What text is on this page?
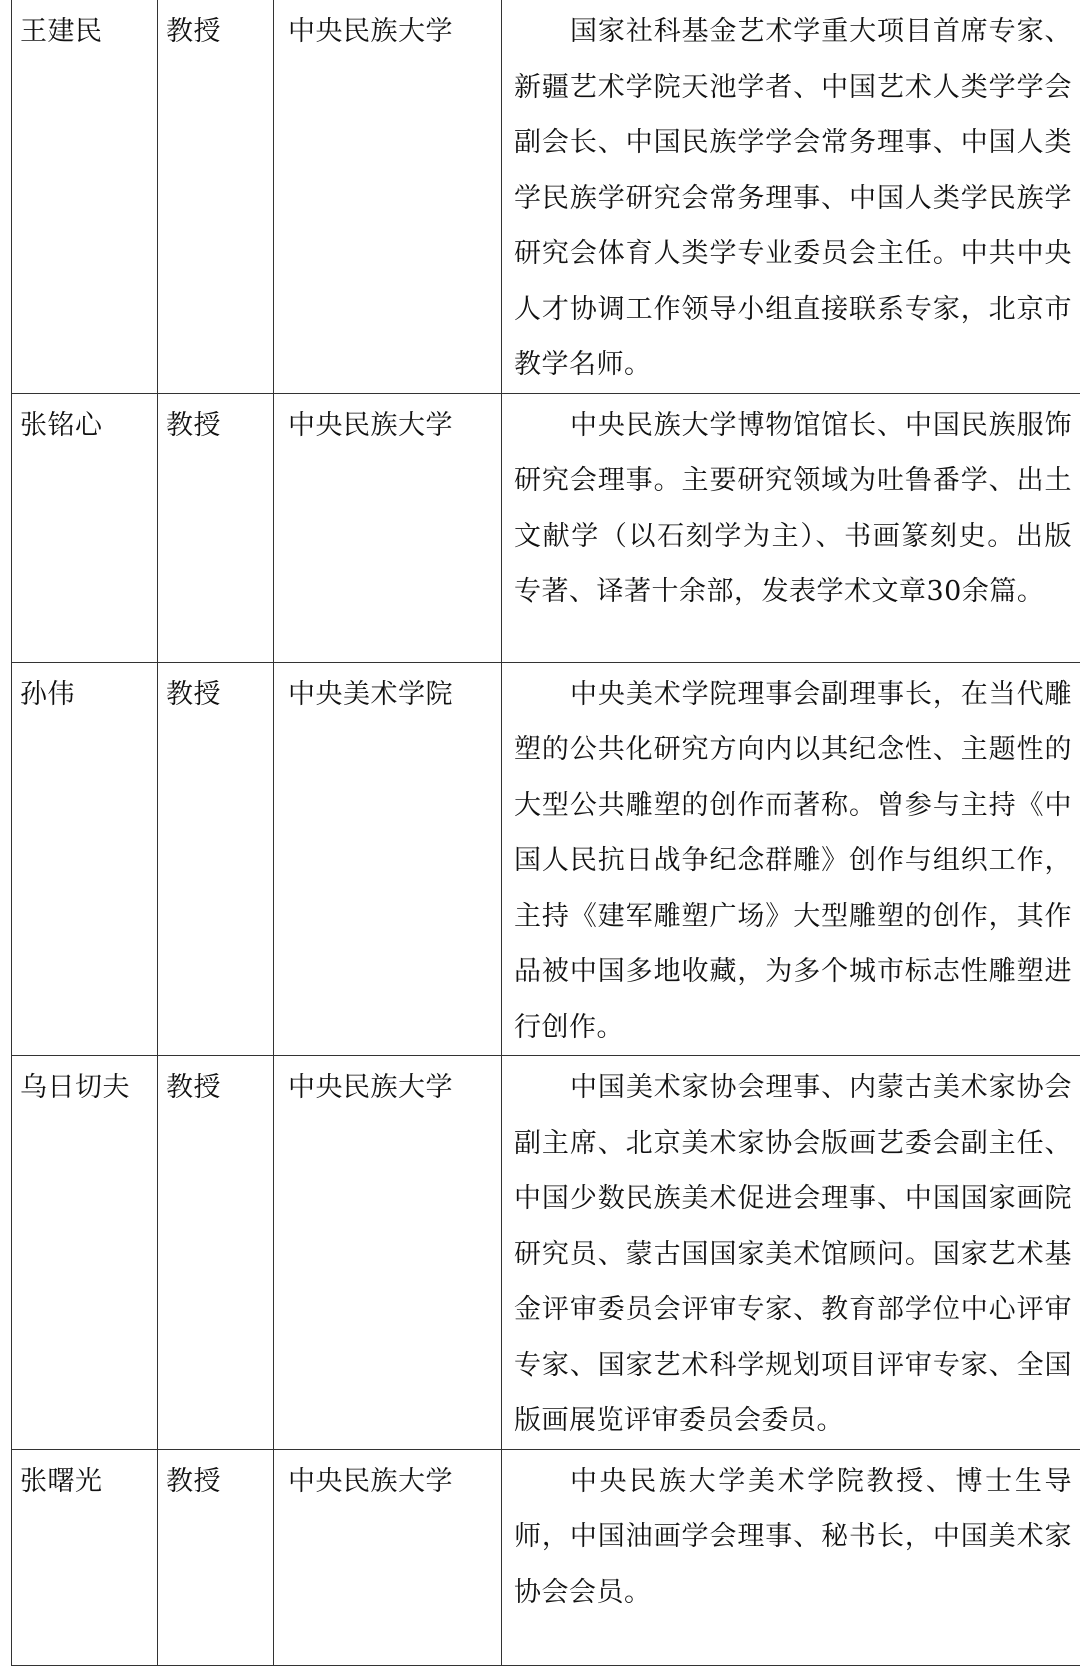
王建民	教授	中央民族大学	国家社科基金艺术学重大项目首席专家、新疆艺术学院天池学者、中国艺术人类学学会副会长、中国民族学学会常务理事、中国人类学民族学研究会常务理事、中国人类学民族学研究会体育人类学专业委员会主任。中共中央人才协调工作领导小组直接联系专家，北京市教学名师。
张铭心	教授	中央民族大学	中央民族大学博物馆馆长、中国民族服饰研究会理事。主要研究领域为吐鲁番学、出土文献学（以石刻学为主）、书画篆刻史。出版专著、译著十余部，发表学术文章30余篇。
孙伟	教授	中央美术学院	中央美术学院理事会副理事长，在当代雕塑的公共化研究方向内以其纪念性、主题性的大型公共雕塑的创作而著称。曾参与主持《中国人民抗日战争纪念群雕》创作与组织工作，主持《建军雕塑广场》大型雕塑的创作，其作品被中国多地收藏，为多个城市标志性雕塑进行创作。
乌日切夫	教授	中央民族大学	中国美术家协会理事、内蒙古美术家协会副主席、北京美术家协会版画艺委会副主任、中国少数民族美术促进会理事、中国国家画院研究员、蒙古国国家美术馆顾问。国家艺术基金评审委员会评审专家、教育部学位中心评审专家、国家艺术科学规划项目评审专家、全国版画展览评审委员会委员。
张曙光	教授	中央民族大学	中央民族大学美术学院教授、博士生导师，中国油画学会理事、秘书长，中国美术家协会会员。
